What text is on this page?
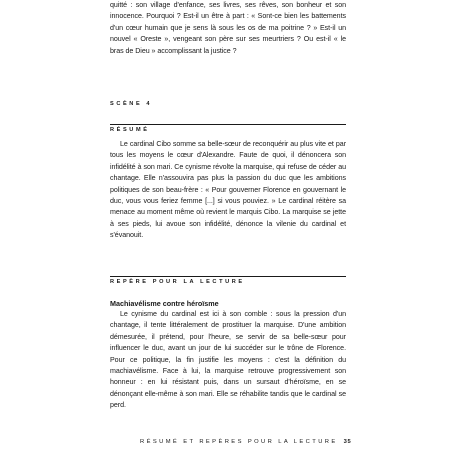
quitté : son village d'enfance, ses livres, ses rêves, son bonheur et son innocence. Pourquoi ? Est-il un être à part : « Sont-ce bien les battements d'un cœur humain que je sens là sous les os de ma poitrine ? » Est-il un nouvel « Oreste », vengeant son père sur ses meurtriers ? Ou est-il « le bras de Dieu » accomplissant la justice ?

SCÈNE 4

RÉSUMÉ

Le cardinal Cibo somme sa belle-sœur de reconquérir au plus vite et par tous les moyens le cœur d'Alexandre. Faute de quoi, il dénoncera son infidélité à son mari. Ce cynisme révolte la marquise, qui refuse de céder au chantage. Elle n'assouvira pas plus la passion du duc que les ambitions politiques de son beau-frère : « Pour gouverner Florence en gouvernant le duc, vous vous feriez femme [...] si vous pouviez. » Le cardinal réitère sa menace au moment même où revient le marquis Cibo. La marquise se jette à ses pieds, lui avoue son infidélité, dénonce la vilenie du cardinal et s'évanouit.

REPÈRE POUR LA LECTURE

Machiavélisme contre héroïsme

Le cynisme du cardinal est ici à son comble : sous la pression d'un chantage, il tente littéralement de prostituer la marquise. D'une ambition démesurée, il prétend, pour l'heure, se servir de sa belle-sœur pour influencer le duc, avant un jour de lui succéder sur le trône de Florence. Pour ce politique, la fin justifie les moyens : c'est la définition du machiavélisme. Face à lui, la marquise retrouve progressivement son honneur : en lui résistant puis, dans un sursaut d'héroïsme, en se dénonçant elle-même à son mari. Elle se réhabilite tandis que le cardinal se perd.

RÉSUMÉ ET REPÈRES POUR LA LECTURE 35
